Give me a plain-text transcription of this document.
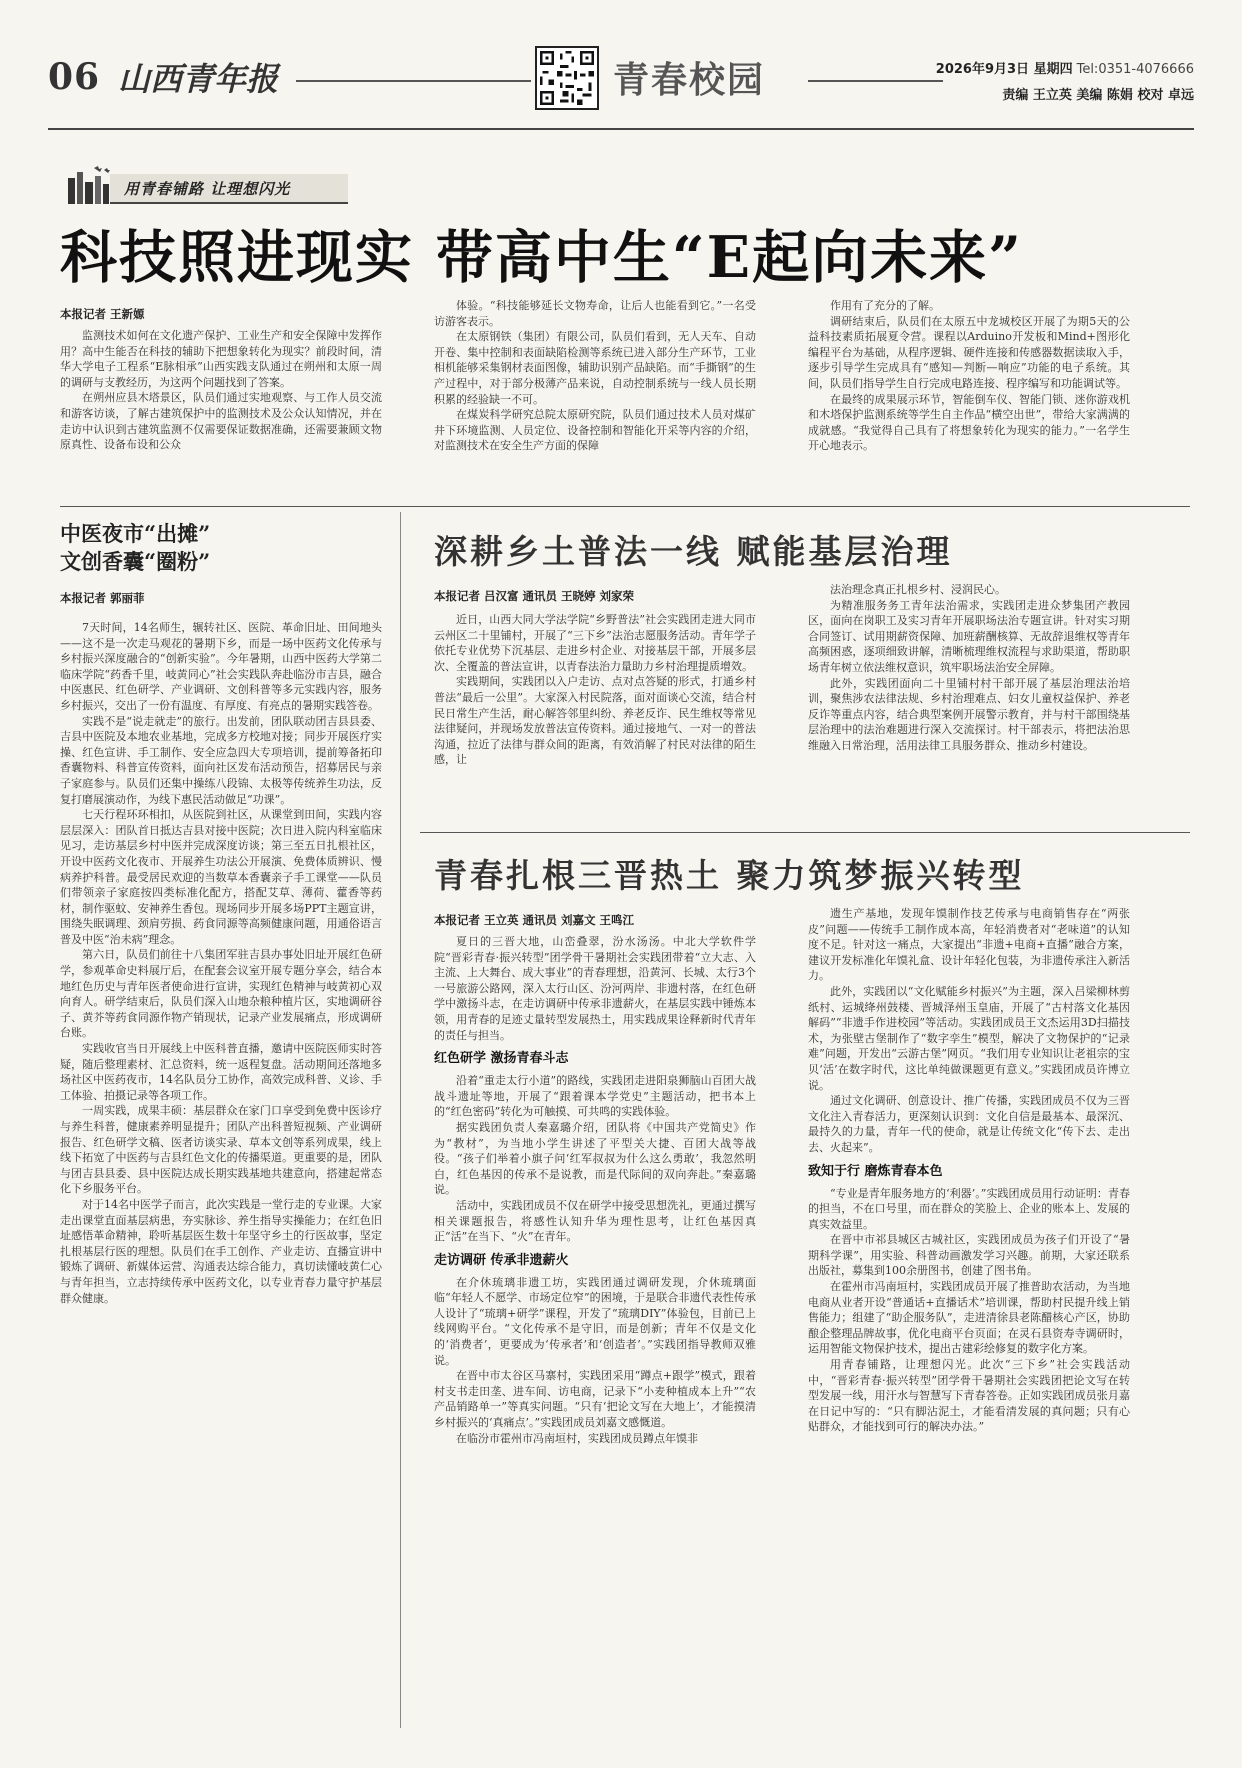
06 山西青年报	青春校园	2026年9月3日 星期四 Tel:0351-4076666
责编 王立英 美编 陈娟 校对 卓远
用青春铺路 让理想闪光
科技照进现实 带高中生“E起向未来”
本报记者 王新嫄

监测技术如何在文化遗产保护、工业生产和安全保障中发挥作用？高中生能否在科技的辅助下把想象转化为现实？前段时间，清华大学电子工程系“E脉相承”山西实践支队通过在朔州和太原一周的调研与支教经历，为这两个问题找到了答案。

在朔州应县木塔景区，队员们通过实地观察、与工作人员交流和游客访谈，了解古建筑保护中的监测技术及公众认知情况，并在走访中认识到古建筑监测不仅需要保证数据准确，还需要兼顾文物原真性、设备布设和公众

体验。“科技能够延长文物寿命，让后人也能看到它。”一名受访游客表示。

在太原钢铁（集团）有限公司，队员们看到，无人天车、自动开卷、集中控制和表面缺陷检测等系统已进入部分生产环节，工业相机能够采集钢材表面图像，辅助识别产品缺陷。而“手撕钢”的生产过程中，对于部分极薄产品来说，自动控制系统与一线人员长期积累的经验缺一不可。

在煤炭科学研究总院太原研究院，队员们通过技术人员对煤矿井下环境监测、人员定位、设备控制和智能化开采等内容的介绍，对监测技术在安全生产方面的保障

作用有了充分的了解。

调研结束后，队员们在太原五中龙城校区开展了为期5天的公益科技素质拓展夏令营。课程以Arduino开发板和Mind+图形化编程平台为基础，从程序逻辑、硬件连接和传感器数据读取入手，逐步引导学生完成具有“感知—判断—响应”功能的电子系统。其间，队员们指导学生自行完成电路连接、程序编写和功能调试等。

在最终的成果展示环节，智能倒车仪、智能门锁、迷你游戏机和木塔保护监测系统等学生自主作品“横空出世”，带给大家满满的成就感。“我觉得自己具有了将想象转化为现实的能力。”一名学生开心地表示。

中医夜市“出摊”
文创香囊“圈粉”
本报记者 郭丽菲

7天时间，14名师生，辗转社区、医院、革命旧址、田间地头——这不是一次走马观花的暑期下乡，而是一场中医药文化传承与乡村振兴深度融合的“创新实验”。今年暑期，山西中医药大学第二临床学院“药香千里，岐黄同心”社会实践队奔赴临汾市吉县，融合中医惠民、红色研学、产业调研、文创科普等多元实践内容，服务乡村振兴，交出了一份有温度、有厚度、有亮点的暑期实践答卷。

实践不是“说走就走”的旅行。出发前，团队联动团吉县县委、吉县中医院及本地农业基地，完成多方校地对接；同步开展医疗实操、红色宣讲、手工制作、安全应急四大专项培训，提前筹备拓印香囊物料、科普宣传资料，面向社区发布活动预告，招募居民与亲子家庭参与。队员们还集中操练八段锦、太极等传统养生功法，反复打磨展演动作，为线下惠民活动做足“功课”。

七天行程环环相扣，从医院到社区，从课堂到田间，实践内容层层深入：团队首日抵达吉县对接中医院；次日进入院内科室临床见习，走访基层乡村中医并完成深度访谈；第三至五日扎根社区，开设中医药文化夜市、开展养生功法公开展演、免费体质辨识、慢病养护科普。最受居民欢迎的当数草本香囊亲子手工课堂——队员们带领亲子家庭按四类标准化配方，搭配艾草、薄荷、藿香等药材，制作驱蚊、安神养生香包。现场同步开展多场PPT主题宣讲，围绕失眠调理、颈肩劳损、药食同源等高频健康问题，用通俗语言普及中医“治未病”理念。

第六日，队员们前往十八集团军驻吉县办事处旧址开展红色研学，参观革命史料展厅后，在配套会议室开展专题分享会，结合本地红色历史与青年医者使命进行宣讲，实现红色精神与岐黄初心双向育人。研学结束后，队员们深入山地杂粮种植片区，实地调研谷子、黄芥等药食同源作物产销现状，记录产业发展痛点，形成调研台账。

实践收官当日开展线上中医科普直播，邀请中医院医师实时答疑，随后整理素材、汇总资料，统一返程复盘。活动期间还落地多场社区中医药夜市，14名队员分工协作，高效完成科普、义诊、手工体验、拍摄记录等各项工作。

一周实践，成果丰硕：基层群众在家门口享受到免费中医诊疗与养生科普，健康素养明显提升；团队产出科普短视频、产业调研报告、红色研学文稿、医者访谈实录、草本文创等系列成果，线上线下拓宽了中医药与吉县红色文化的传播渠道。更重要的是，团队与团吉县县委、县中医院达成长期实践基地共建意向，搭建起常态化下乡服务平台。

对于14名中医学子而言，此次实践是一堂行走的专业课。大家走出课堂直面基层病患，夯实脉诊、养生指导实操能力；在红色旧址感悟革命精神，聆听基层医生数十年坚守乡土的行医故事，坚定扎根基层行医的理想。队员们在手工创作、产业走访、直播宣讲中锻炼了调研、新媒体运营、沟通表达综合能力，真切读懂岐黄仁心与青年担当，立志持续传承中医药文化，以专业青春力量守护基层群众健康。

深耕乡土普法一线 赋能基层治理
本报记者 吕汉富 通讯员 王晓婷 刘家荣

近日，山西大同大学法学院“乡野普法”社会实践团走进大同市云州区二十里铺村，开展了“三下乡”法治志愿服务活动。青年学子依托专业优势下沉基层、走进乡村企业、对接基层干部，开展多层次、全覆盖的普法宣讲，以青春法治力量助力乡村治理提质增效。

实践期间，实践团以入户走访、点对点答疑的形式，打通乡村普法“最后一公里”。大家深入村民院落，面对面谈心交流，结合村民日常生产生活，耐心解答邻里纠纷、养老反诈、民生维权等常见法律疑问，并现场发放普法宣传资料。通过接地气、一对一的普法沟通，拉近了法律与群众间的距离，有效消解了村民对法律的陌生感，让

法治理念真正扎根乡村、浸润民心。

为精准服务务工青年法治需求，实践团走进众梦集团产教园区，面向在岗职工及实习青年开展职场法治专题宣讲。针对实习期合同签订、试用期薪资保障、加班薪酬核算、无故辞退维权等青年高频困惑，逐项细致讲解，清晰梳理维权流程与求助渠道，帮助职场青年树立依法维权意识，筑牢职场法治安全屏障。

此外，实践团面向二十里铺村村干部开展了基层治理法治培训，聚焦涉农法律法规、乡村治理难点、妇女儿童权益保护、养老反诈等重点内容，结合典型案例开展警示教育，并与村干部围绕基层治理中的法治难题进行深入交流探讨。村干部表示，将把法治思维融入日常治理，活用法律工具服务群众、推动乡村建设。

青春扎根三晋热土 聚力筑梦振兴转型
本报记者 王立英 通讯员 刘嘉文 王鸣江

夏日的三晋大地，山峦叠翠，汾水汤汤。中北大学软件学院“晋彩青春·振兴转型”团学骨干暑期社会实践团带着“立大志、入主流、上大舞台、成大事业”的青春理想，沿黄河、长城、太行3个一号旅游公路网，深入太行山区、汾河两岸、非遗村落，在红色研学中激扬斗志，在走访调研中传承非遗薪火，在基层实践中锤炼本领，用青春的足迹丈量转型发展热土，用实践成果诠释新时代青年的责任与担当。

红色研学 激扬青春斗志

沿着“重走太行小道”的路线，实践团走进阳泉狮脑山百团大战战斗遗址等地，开展了“跟着课本学党史”主题活动，把书本上的“红色密码”转化为可触摸、可共鸣的实践体验。

据实践团负责人秦嘉璐介绍，团队将《中国共产党简史》作为“教材”，为当地小学生讲述了平型关大捷、百团大战等战役。“孩子们举着小旗子问‘红军叔叔为什么这么勇敢’，我忽然明白，红色基因的传承不是说教，而是代际间的双向奔赴。”秦嘉璐说。

活动中，实践团成员不仅在研学中接受思想洗礼，更通过撰写相关课题报告，将感性认知升华为理性思考，让红色基因真正“活”在当下、“火”在青年。

走访调研 传承非遗薪火

在介休琉璃非遗工坊，实践团通过调研发现，介休琉璃面临“年轻人不愿学、市场定位窄”的困境，于是联合非遗代表性传承人设计了“琉璃+研学”课程，开发了“琉璃DIY”体验包，目前已上线网购平台。“文化传承不是守旧，而是创新；青年不仅是文化的‘消费者’，更要成为‘传承者’和‘创造者’。”实践团指导教师双雅说。

在晋中市太谷区马寨村，实践团采用“蹲点+跟学”模式，跟着村支书走田垄、进车间、访电商，记录下“小麦种植成本上升”“农产品销路单一”等真实问题。“只有‘把论文写在大地上’，才能摸清乡村振兴的‘真痛点’。”实践团成员刘嘉文感慨道。

在临汾市霍州市冯南垣村，实践团成员蹲点年馍非

遗生产基地，发现年馍制作技艺传承与电商销售存在“两张皮”问题——传统手工制作成本高，年轻消费者对“老味道”的认知度不足。针对这一痛点，大家提出“非遗+电商+直播”融合方案，建议开发标准化年馍礼盒、设计年轻化包装，为非遗传承注入新活力。

此外，实践团以“文化赋能乡村振兴”为主题，深入吕梁柳林剪纸村、运城绛州鼓楼、晋城泽州玉皇庙，开展了“古村落文化基因解码”“非遗手作进校园”等活动。实践团成员王文杰运用3D扫描技术，为张壁古堡制作了“数字孪生”模型，解决了文物保护的“记录难”问题，开发出“云游古堡”网页。“我们用专业知识让老祖宗的宝贝‘活’在数字时代，这比单纯做课题更有意义。”实践团成员许博立说。

通过文化调研、创意设计、推广传播，实践团成员不仅为三晋文化注入青春活力，更深刻认识到：文化自信是最基本、最深沉、最持久的力量，青年一代的使命，就是让传统文化“传下去、走出去、火起来”。

致知于行 磨炼青春本色

“专业是青年服务地方的‘利器’。”实践团成员用行动证明：青春的担当，不在口号里，而在群众的笑脸上、企业的账本上、发展的真实效益里。

在晋中市祁县城区古城社区，实践团成员为孩子们开设了“暑期科学课”，用实验、科普动画激发学习兴趣。前期，大家还联系出版社，募集到100余册图书，创建了图书角。

在霍州市冯南垣村，实践团成员开展了推普助农活动，为当地电商从业者开设“普通话+直播话术”培训课，帮助村民提升线上销售能力；组建了“助企服务队”，走进清徐县老陈醋核心产区，协助酿企整理品牌故事，优化电商平台页面；在灵石县资寿寺调研时，运用智能文物保护技术，提出古建彩绘修复的数字化方案。

用青春铺路，让理想闪光。此次“三下乡”社会实践活动中，“晋彩青春·振兴转型”团学骨干暑期社会实践团把论文写在转型发展一线，用汗水与智慧写下青春答卷。正如实践团成员张月嘉在日记中写的：“只有脚沾泥土，才能看清发展的真问题；只有心贴群众，才能找到可行的解决办法。”
